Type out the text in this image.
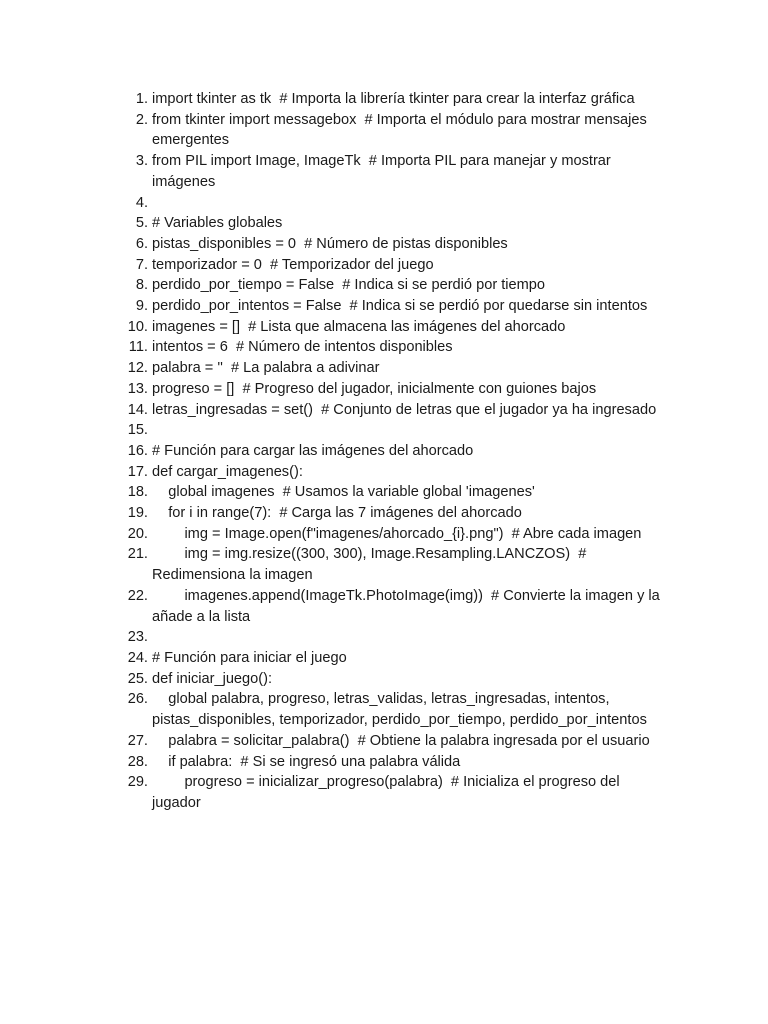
1. import tkinter as tk  # Importa la librería tkinter para crear la interfaz gráfica
2. from tkinter import messagebox  # Importa el módulo para mostrar mensajes emergentes
3. from PIL import Image, ImageTk  # Importa PIL para manejar y mostrar imágenes
4.
5. # Variables globales
6. pistas_disponibles = 0  # Número de pistas disponibles
7. temporizador = 0  # Temporizador del juego
8. perdido_por_tiempo = False  # Indica si se perdió por tiempo
9. perdido_por_intentos = False  # Indica si se perdió por quedarse sin intentos
10. imagenes = []  # Lista que almacena las imágenes del ahorcado
11. intentos = 6  # Número de intentos disponibles
12. palabra = ''  # La palabra a adivinar
13. progreso = []  # Progreso del jugador, inicialmente con guiones bajos
14. letras_ingresadas = set()  # Conjunto de letras que el jugador ya ha ingresado
15.
16. # Función para cargar las imágenes del ahorcado
17. def cargar_imagenes():
18. global imagenes  # Usamos la variable global 'imagenes'
19. for i in range(7):  # Carga las 7 imágenes del ahorcado
20. img = Image.open(f"imagenes/ahorcado_{i}.png")  # Abre cada imagen
21. img = img.resize((300, 300), Image.Resampling.LANCZOS)  # Redimensiona la imagen
22. imagenes.append(ImageTk.PhotoImage(img))  # Convierte la imagen y la añade a la lista
23.
24. # Función para iniciar el juego
25. def iniciar_juego():
26. global palabra, progreso, letras_validas, letras_ingresadas, intentos, pistas_disponibles, temporizador, perdido_por_tiempo, perdido_por_intentos
27. palabra = solicitar_palabra()  # Obtiene la palabra ingresada por el usuario
28. if palabra:  # Si se ingresó una palabra válida
29. progreso = inicializar_progreso(palabra)  # Inicializa el progreso del jugador
